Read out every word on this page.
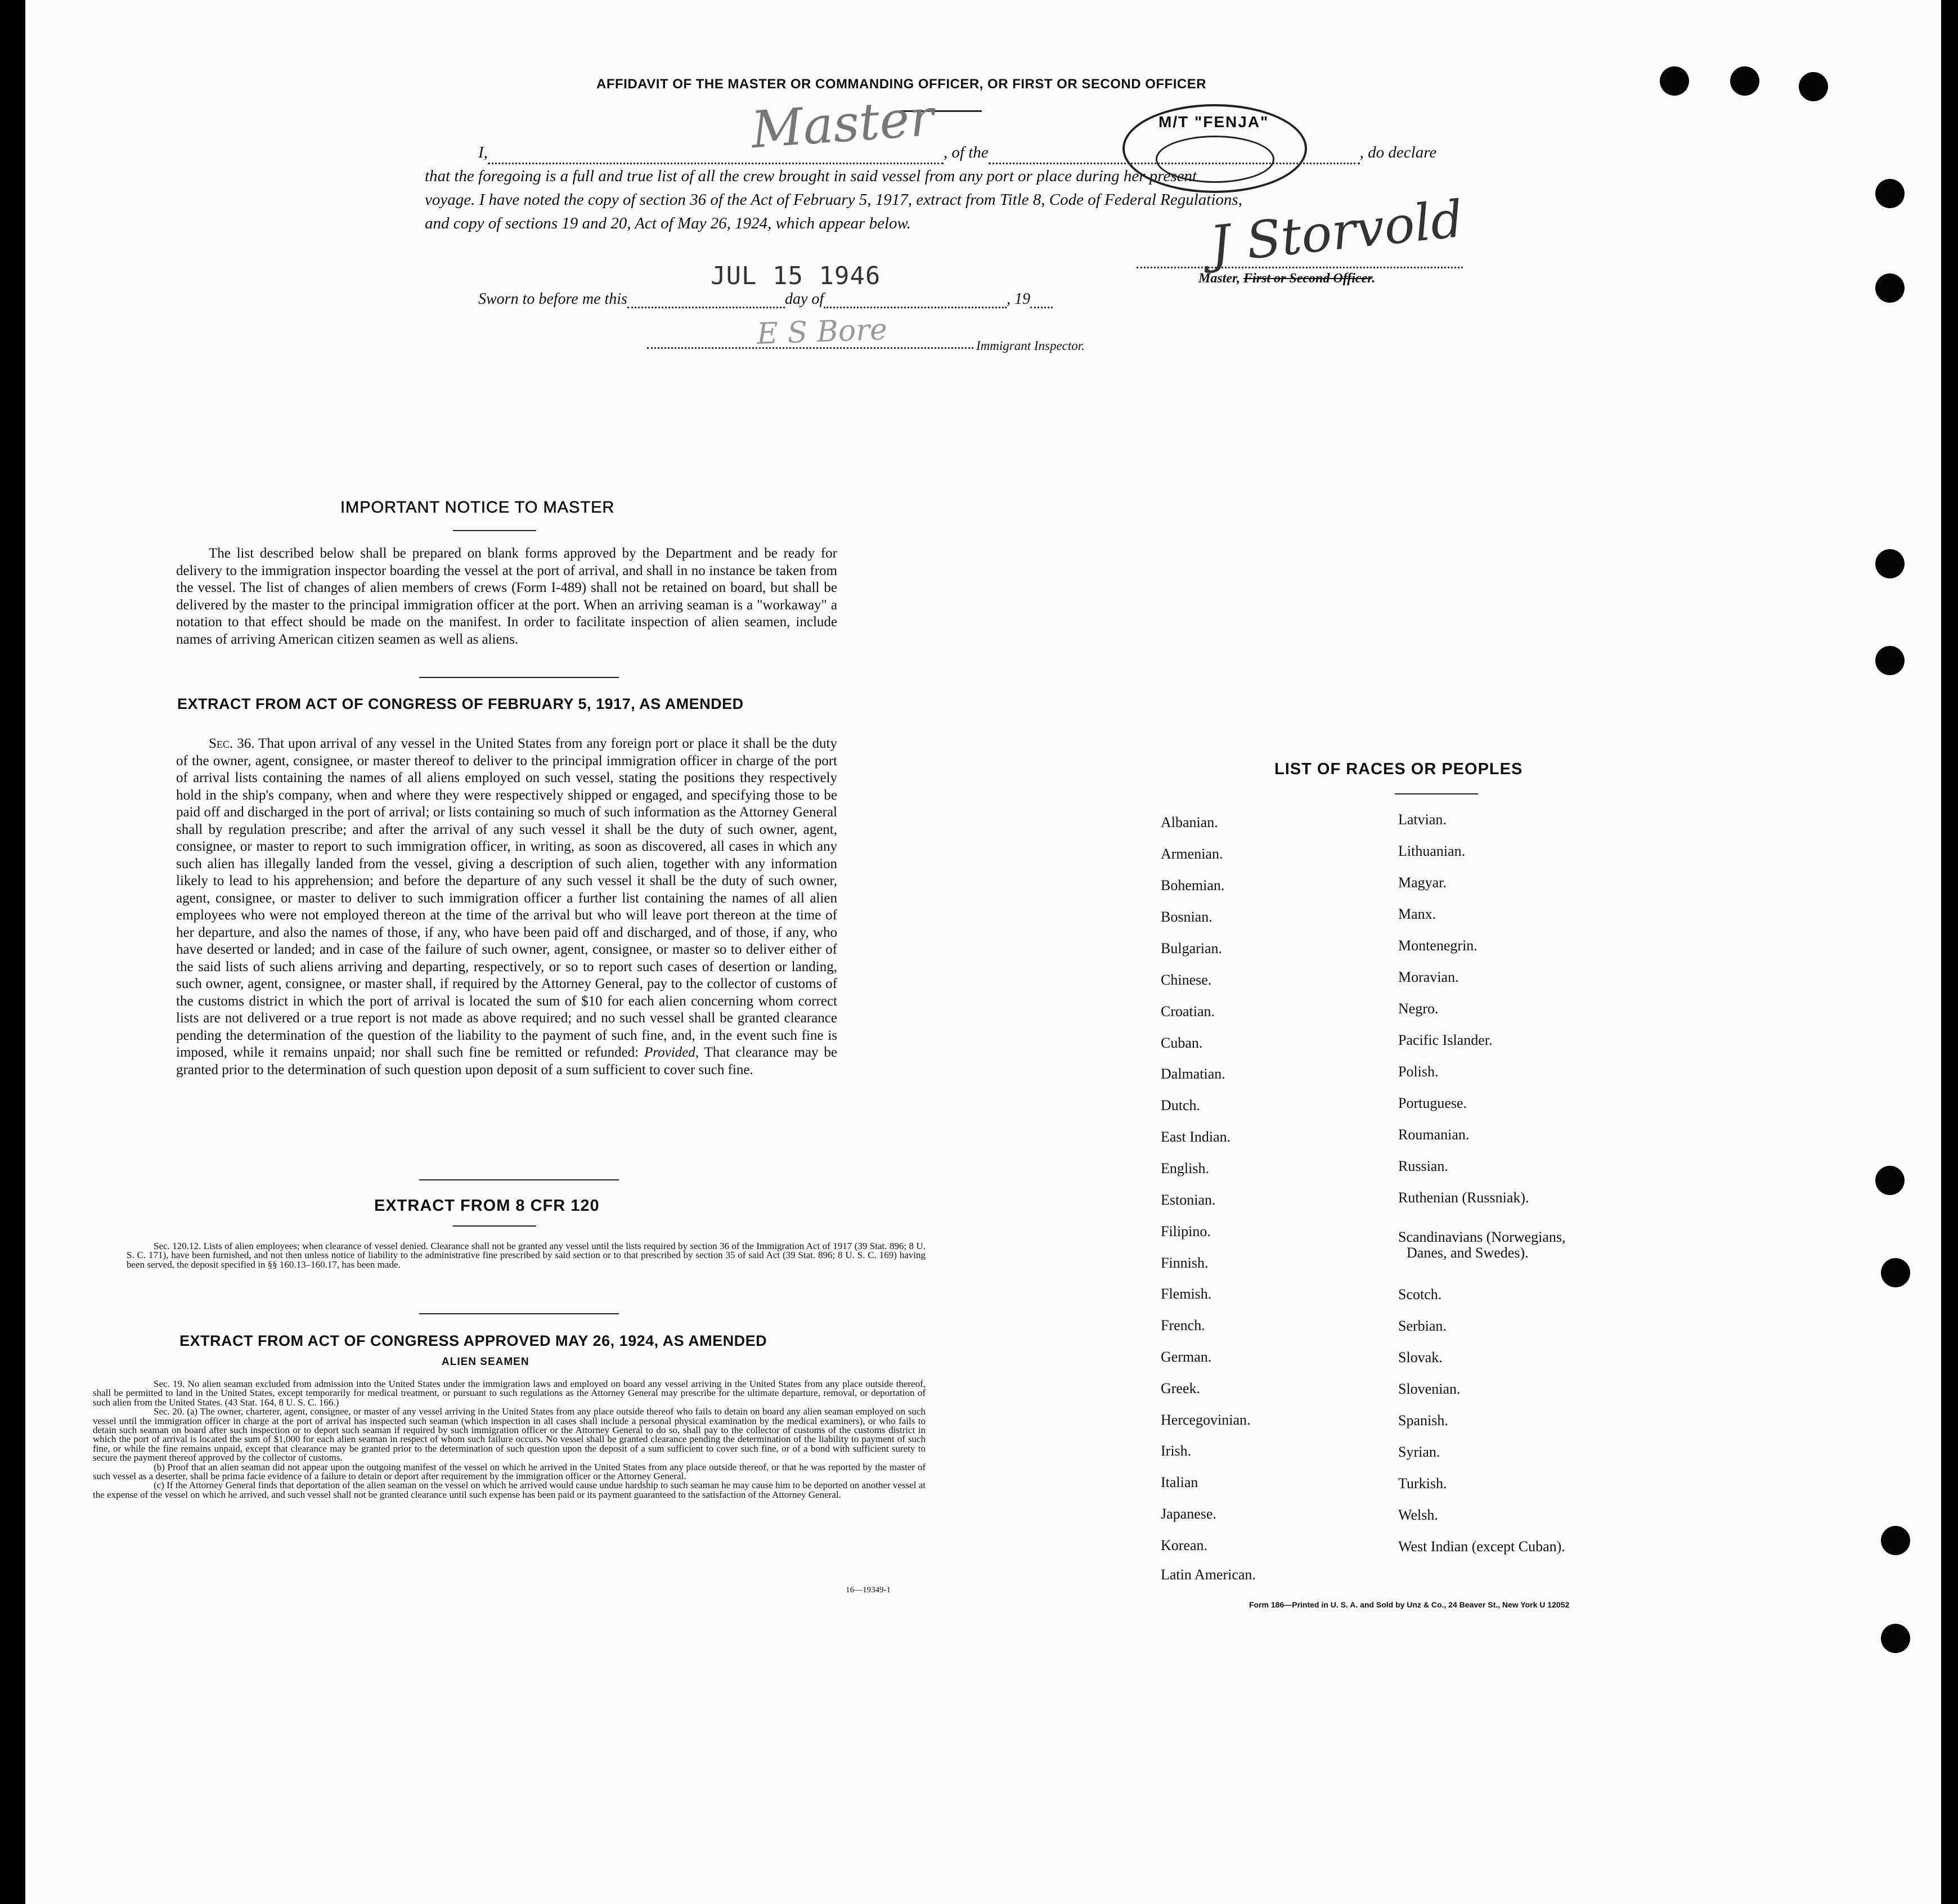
AFFIDAVIT OF THE MASTER OR COMMANDING OFFICER, OR FIRST OR SECOND OFFICER
I,	, of the	, do declare
that the foregoing is a full and true list of all the crew brought in said vessel from any port or place during her present
voyage. I have noted the copy of section 36 of the Act of February 5, 1917, extract from Title 8, Code of Federal Regulations,
and copy of sections 19 and 20, Act of May 26, 1924, which appear below.
Master	M/T "FENJA"
J Storvold
Master, First or Second Officer.
JUL 15 1946
Sworn to before me this	day of	, 19
E S Bore	Immigrant Inspector.
IMPORTANT NOTICE TO MASTER
The list described below shall be prepared on blank forms approved by the Department and be ready for delivery to the immigration inspector boarding the vessel at the port of arrival, and shall in no instance be taken from the vessel. The list of changes of alien members of crews (Form I-489) shall not be retained on board, but shall be delivered by the master to the principal immigration officer at the port. When an arriving seaman is a "workaway" a notation to that effect should be made on the manifest. In order to facilitate inspection of alien seamen, include names of arriving American citizen seamen as well as aliens.
EXTRACT FROM ACT OF CONGRESS OF FEBRUARY 5, 1917, AS AMENDED
Sec. 36. That upon arrival of any vessel in the United States from any foreign port or place it shall be the duty of the owner, agent, consignee, or master thereof to deliver to the principal immigration officer in charge of the port of arrival lists containing the names of all aliens employed on such vessel, stating the positions they respectively hold in the ship's company, when and where they were respectively shipped or engaged, and specifying those to be paid off and discharged in the port of arrival; or lists containing so much of such information as the Attorney General shall by regulation prescribe; and after the arrival of any such vessel it shall be the duty of such owner, agent, consignee, or master to report to such immigration officer, in writing, as soon as discovered, all cases in which any such alien has illegally landed from the vessel, giving a description of such alien, together with any information likely to lead to his apprehension; and before the departure of any such vessel it shall be the duty of such owner, agent, consignee, or master to deliver to such immigration officer a further list containing the names of all alien employees who were not employed thereon at the time of the arrival but who will leave port thereon at the time of her departure, and also the names of those, if any, who have been paid off and discharged, and of those, if any, who have deserted or landed; and in case of the failure of such owner, agent, consignee, or master so to deliver either of the said lists of such aliens arriving and departing, respectively, or so to report such cases of desertion or landing, such owner, agent, consignee, or master shall, if required by the Attorney General, pay to the collector of customs of the customs district in which the port of arrival is located the sum of $10 for each alien concerning whom correct lists are not delivered or a true report is not made as above required; and no such vessel shall be granted clearance pending the determination of the question of the liability to the payment of such fine, and, in the event such fine is imposed, while it remains unpaid; nor shall such fine be remitted or refunded: Provided, That clearance may be granted prior to the determination of such question upon deposit of a sum sufficient to cover such fine.
EXTRACT FROM 8 CFR 120
Sec. 120.12. Lists of alien employees; when clearance of vessel denied. Clearance shall not be granted any vessel until the lists required by section 36 of the Immigration Act of 1917 (39 Stat. 896; 8 U. S. C. 171), have been furnished, and not then unless notice of liability to the administrative fine prescribed by said section or to that prescribed by section 35 of said Act (39 Stat. 896; 8 U. S. C. 169) having been served, the deposit specified in §§ 160.13–160.17, has been made.
EXTRACT FROM ACT OF CONGRESS APPROVED MAY 26, 1924, AS AMENDED
ALIEN SEAMEN
Sec. 19. No alien seaman excluded from admission into the United States under the immigration laws and employed on board any vessel arriving in the United States from any place outside thereof, shall be permitted to land in the United States, except temporarily for medical treatment, or pursuant to such regulations as the Attorney General may prescribe for the ultimate departure, removal, or deportation of such alien from the United States. (43 Stat. 164, 8 U. S. C. 166.)
Sec. 20. (a) The owner, charterer, agent, consignee, or master of any vessel arriving in the United States from any place outside thereof who fails to detain on board any alien seaman employed on such vessel until the immigration officer in charge at the port of arrival has inspected such seaman (which inspection in all cases shall include a personal physical examination by the medical examiners), or who fails to detain such seaman on board after such inspection or to deport such seaman if required by such immigration officer or the Attorney General to do so, shall pay to the collector of customs of the customs district in which the port of arrival is located the sum of $1,000 for each alien seaman in respect of whom such failure occurs. No vessel shall be granted clearance pending the determination of the liability to payment of such fine, or while the fine remains unpaid, except that clearance may be granted prior to the determination of such question upon the deposit of a sum sufficient to cover such fine, or of a bond with sufficient surety to secure the payment thereof approved by the collector of customs.
(b) Proof that an alien seaman did not appear upon the outgoing manifest of the vessel on which he arrived in the United States from any place outside thereof, or that he was reported by the master of such vessel as a deserter, shall be prima facie evidence of a failure to detain or deport after requirement by the immigration officer or the Attorney General.
(c) If the Attorney General finds that deportation of the alien seaman on the vessel on which he arrived would cause undue hardship to such seaman he may cause him to be deported on another vessel at the expense of the vessel on which he arrived, and such vessel shall not be granted clearance until such expense has been paid or its payment guaranteed to the satisfaction of the Attorney General.
16—19349-1
LIST OF RACES OR PEOPLES
Form 186—Printed in U. S. A. and Sold by Unz & Co., 24 Beaver St., New York U 12052
Albanian.
Armenian.
Bohemian.
Bosnian.
Bulgarian.
Chinese.
Croatian.
Cuban.
Dalmatian.
Dutch.
East Indian.
English.
Estonian.
Filipino.
Finnish.
Flemish.
French.
German.
Greek.
Hercegovinian.
Irish.
Italian
Japanese.
Korean.
Latin American.
Latvian.
Lithuanian.
Magyar.
Manx.
Montenegrin.
Moravian.
Negro.
Pacific Islander.
Polish.
Portuguese.
Roumanian.
Russian.
Ruthenian (Russniak).
Scandinavians (Norwegians,
Danes, and Swedes).
Scotch.
Serbian.
Slovak.
Slovenian.
Spanish.
Syrian.
Turkish.
Welsh.
West Indian (except Cuban).
